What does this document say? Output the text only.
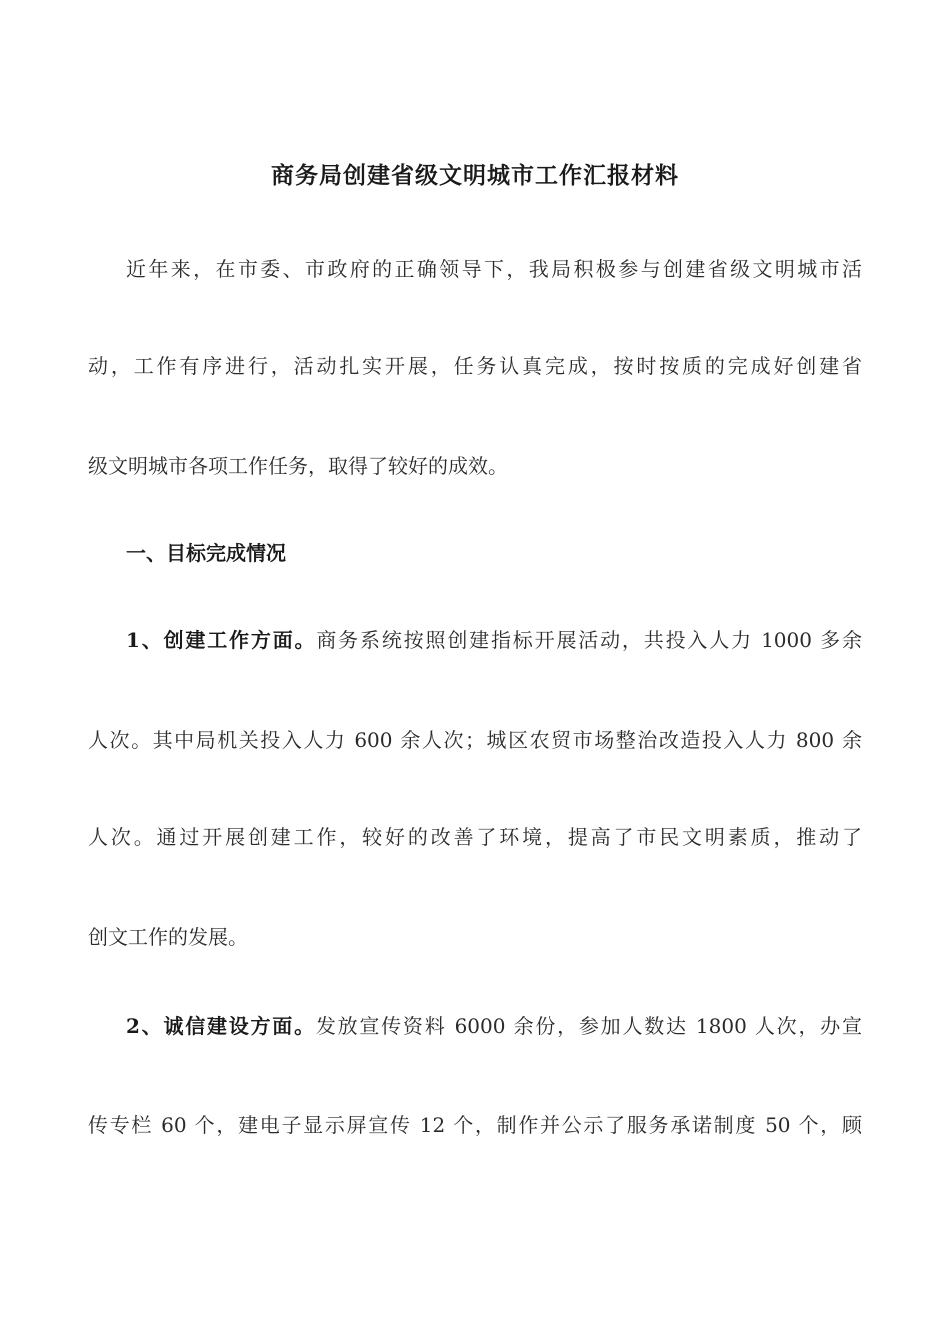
商务局创建省级文明城市工作汇报材料

近年来，在市委、市政府的正确领导下，我局积极参与创建省级文明城市活

动，工作有序进行，活动扎实开展，任务认真完成，按时按质的完成好创建省

级文明城市各项工作任务，取得了较好的成效。

一、目标完成情况

1、创建工作方面。商务系统按照创建指标开展活动，共投入人力 1000 多余

人次。其中局机关投入人力 600 余人次；城区农贸市场整治改造投入人力 800 余

人次。通过开展创建工作，较好的改善了环境，提高了市民文明素质，推动了

创文工作的发展。

2、诚信建设方面。发放宣传资料 6000 余份，参加人数达 1800 人次，办宣

传专栏 60 个，建电子显示屏宣传 12 个，制作并公示了服务承诺制度 50 个，顾
